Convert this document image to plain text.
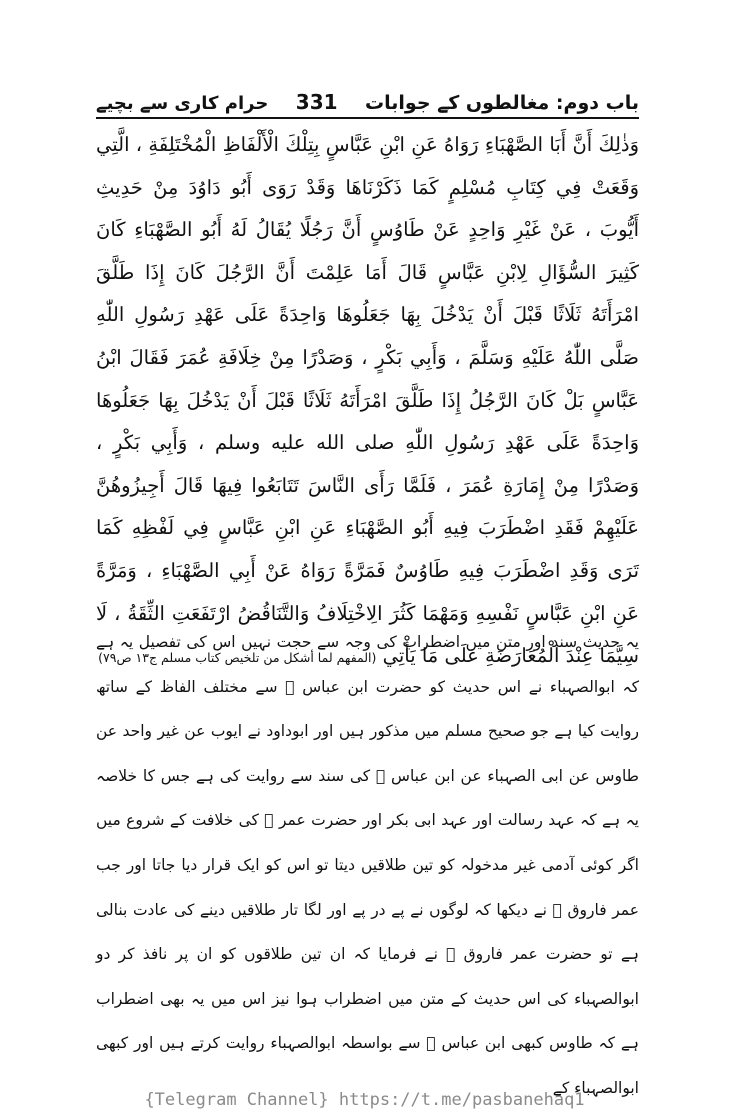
باب دوم: مغالطوں کے جوابات
331
حرام کاری سے بچیے
وَذٰلِكَ أَنَّ أَبَا الصَّهْبَاءِ رَوَاهُ عَنِ ابْنِ عَبَّاسٍ بِتِلْكَ الْأَلْفَاظِ الْمُخْتَلِفَةِ ، الَّتِي وَقَعَتْ فِي كِتَابِ مُسْلِمٍ كَمَا ذَكَرْنَاهَا وَقَدْ رَوَى أَبُو دَاوُدَ مِنْ حَدِيثِ أَيُّوبَ ، عَنْ غَيْرِ وَاحِدٍ عَنْ طَاوُسٍ أَنَّ رَجُلًا يُقَالُ لَهُ أَبُو الصَّهْبَاءِ كَانَ كَثِيرَ السُّؤَالِ لِابْنِ عَبَّاسٍ قَالَ أَمَا عَلِمْتَ أَنَّ الرَّجُلَ كَانَ إِذَا طَلَّقَ امْرَأَتَهُ ثَلَاثًا قَبْلَ أَنْ يَدْخُلَ بِهَا جَعَلُوهَا وَاحِدَةً عَلَى عَهْدِ رَسُولِ اللّٰهِ صَلَّى اللّٰهُ عَلَيْهِ وَسَلَّمَ ، وَأَبِي بَكْرٍ ، وَصَدْرًا مِنْ خِلَافَةِ عُمَرَ فَقَالَ ابْنُ عَبَّاسٍ بَلْ كَانَ الرَّجُلُ إِذَا طَلَّقَ امْرَأَتَهُ ثَلَاثًا قَبْلَ أَنْ يَدْخُلَ بِهَا جَعَلُوهَا وَاحِدَةً عَلَى عَهْدِ رَسُولِ اللّٰهِ صلى الله عليه وسلم ، وَأَبِي بَكْرٍ ، وَصَدْرًا مِنْ إِمَارَةِ عُمَرَ ، فَلَمَّا رَأَى النَّاسَ تَتَابَعُوا فِيهَا قَالَ أَجِيزُوهُنَّ عَلَيْهِمْ فَقَدِ اضْطَرَبَ فِيهِ أَبُو الصَّهْبَاءِ عَنِ ابْنِ عَبَّاسٍ فِي لَفْظِهِ كَمَا تَرَى وَقَدِ اضْطَرَبَ فِيهِ طَاوُسٌ فَمَرَّةً رَوَاهُ عَنْ أَبِي الصَّهْبَاءِ ، وَمَرَّةً عَنِ ابْنِ عَبَّاسٍ نَفْسِهِ وَمَهْمَا كَثُرَ الِاخْتِلَافُ وَالتَّنَاقُضُ ارْتَفَعَتِ الثِّقَةُ ، لَا سِيَّمَا عِنْدَ الْمُعَارَضَةِ عَلَى مَا يَأْتِي (المفهم لما أشكل من تلخيص كتاب مسلم ج١٣ ص٧٩)
یہ حدیث سند اور متن میں اضطراب کی وجہ سے حجت نہیں اس کی تفصیل یہ ہے کہ ابوالصہباء نے اس حدیث کو حضرت ابن عباس ﷛ سے مختلف الفاظ کے ساتھ روایت کیا ہے جو صحیح مسلم میں مذکور ہیں اور ابوداود نے ایوب عن غیر واحد عن طاوس عن ابی الصہباء عن ابن عباس ﷛ کی سند سے روایت کی ہے جس کا خلاصہ یہ ہے کہ عہد رسالت اور عہد ابی بکر اور حضرت عمر ﷛ کی خلافت کے شروع میں اگر کوئی آدمی غیر مدخولہ کو تین طلاقیں دیتا تو اس کو ایک قرار دیا جاتا اور جب عمر فاروق ﷛ نے دیکھا کہ لوگوں نے پے در پے اور لگا تار طلاقیں دینے کی عادت بنالی ہے تو حضرت عمر فاروق ﷛ نے فرمایا کہ ان تین طلاقوں کو ان پر نافذ کر دو ابوالصہباء کی اس حدیث کے متن میں اضطراب ہوا نیز اس میں یہ بھی اضطراب ہے کہ طاوس کبھی ابن عباس ﷛ سے بواسطہ ابوالصہباء روایت کرتے ہیں اور کبھی ابوالصہباء کے
{Telegram Channel} https://t.me/pasbanehaq1
